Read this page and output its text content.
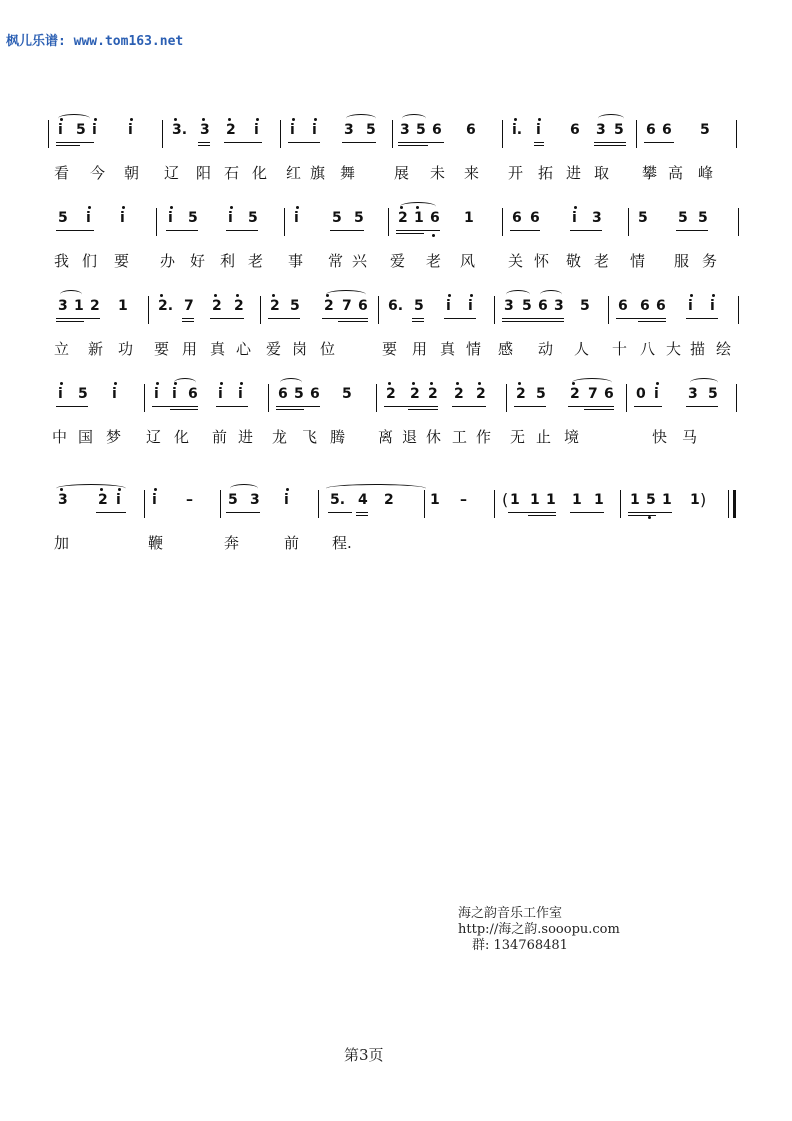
枫儿乐谱: www.tom163.net
i 5 i i	3. 3 2 i i i 3 5 3 5 6 6	i. i 6 3 5 6 6 5
看 今 朝 辽 阳 石 化 红 旗 舞	展 未 来 开 拓 进 取 攀 高 峰
5 i i	i 5 i 5	i 5 5 2 1 6 1	6 6 i 3	5 5 5
我 们 要 办 好 利 老 事 常 兴 爱 老 风 关 怀 敬 老 情 服 务
3 1 2 1 2. 7 2 2 2 5 2 7 6 6. 5 i i 3 5 6 3 5 6 6 6 i i
立 新 功 要 用 真 心 爱 岗 位	要 用 真 情 感 动 人 十 八 大 描 绘
i 5 i	i i 6 i i	6 5 6 5 2 2 2 2 2 2 5 2 7 6 0 i 3 5
中 国 梦 辽 化 前 进 龙 飞 腾 离 退 休 工 作 无 止 境	快 马
3 2 i i –	5 3 i	5. 4 2	1 – ( 1 1 1 1 1 1 5 1 1 )
加	鞭	奔	前 程.
海之韵音乐工作室
http://海之韵.sooopu.com
群: 134768481
第3页
